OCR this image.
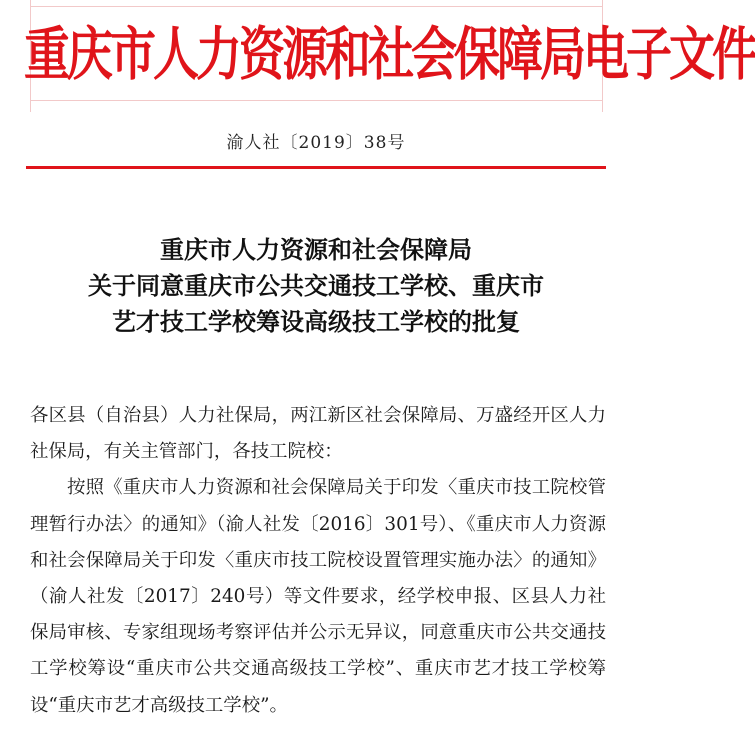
重庆市人力资源和社会保障局电子文件
渝人社〔2019〕38号
重庆市人力资源和社会保障局
关于同意重庆市公共交通技工学校、重庆市
艺才技工学校筹设高级技工学校的批复

各区县（自治县）人力社保局，两江新区社会保障局、万盛经开区人力社保局，有关主管部门，各技工院校：

按照《重庆市人力资源和社会保障局关于印发〈重庆市技工院校管理暂行办法〉的通知》（渝人社发〔2016〕301号）、《重庆市人力资源和社会保障局关于印发〈重庆市技工院校设置管理实施办法〉的通知》（渝人社发〔2017〕240号）等文件要求，经学校申报、区县人力社保局审核、专家组现场考察评估并公示无异议，同意重庆市公共交通技工学校筹设“重庆市公共交通高级技工学校”、重庆市艺才技工学校筹设“重庆市艺才高级技工学校”。
